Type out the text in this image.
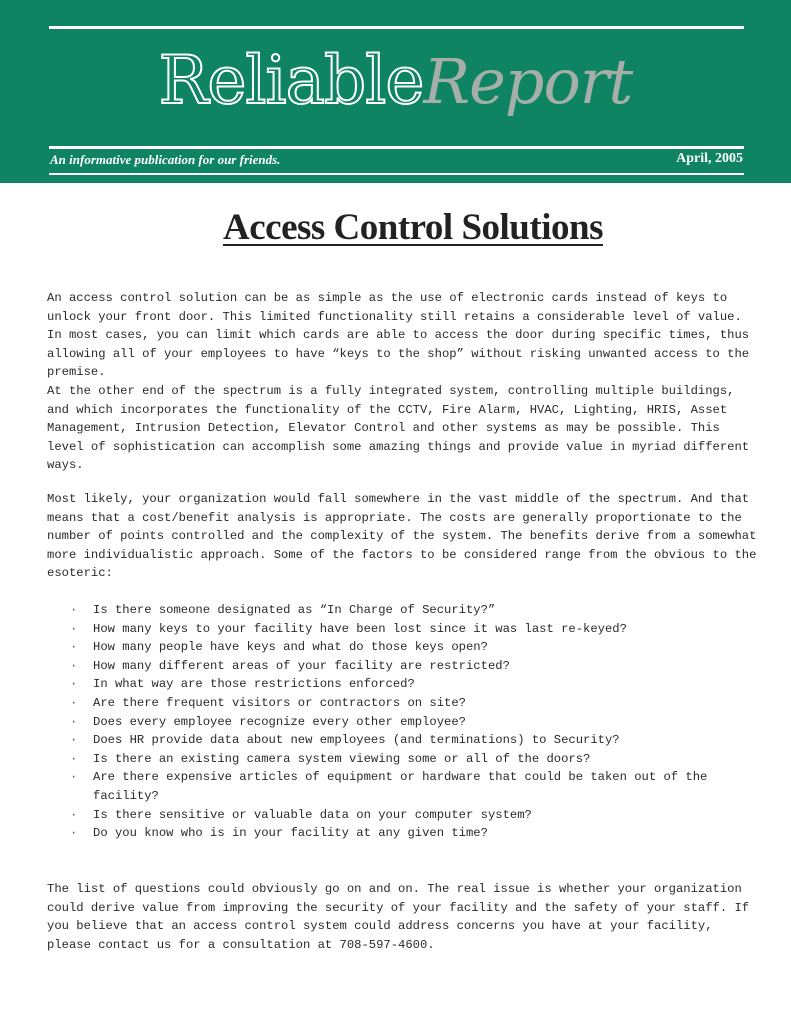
ReliableReport
An informative publication for our friends.	April, 2005
Access Control Solutions

An access control solution can be as simple as the use of electronic cards instead of keys to unlock your front door. This limited functionality still retains a considerable level of value. In most cases, you can limit which cards are able to access the door during specific times, thus allowing all of your employees to have “keys to the shop” without risking unwanted access to the premise.

At the other end of the spectrum is a fully integrated system, controlling multiple buildings, and which incorporates the functionality of the CCTV, Fire Alarm, HVAC, Lighting, HRIS, Asset Management, Intrusion Detection, Elevator Control and other systems as may be possible. This level of sophistication can accomplish some amazing things and provide value in myriad different ways.

Most likely, your organization would fall somewhere in the vast middle of the spectrum. And that means that a cost/benefit analysis is appropriate. The costs are generally proportionate to the number of points controlled and the complexity of the system. The benefits derive from a somewhat more individualistic approach. Some of the factors to be considered range from the obvious to the esoteric:

· Is there someone designated as “In Charge of Security?”
· How many keys to your facility have been lost since it was last re-keyed?
· How many people have keys and what do those keys open?
· How many different areas of your facility are restricted?
· In what way are those restrictions enforced?
· Are there frequent visitors or contractors on site?
· Does every employee recognize every other employee?
· Does HR provide data about new employees (and terminations) to Security?
· Is there an existing camera system viewing some or all of the doors?
· Are there expensive articles of equipment or hardware that could be taken out of the facility?
· Is there sensitive or valuable data on your computer system?
· Do you know who is in your facility at any given time?

The list of questions could obviously go on and on. The real issue is whether your organization could derive value from improving the security of your facility and the safety of your staff. If you believe that an access control system could address concerns you have at your facility, please contact us for a consultation at 708-597-4600.
